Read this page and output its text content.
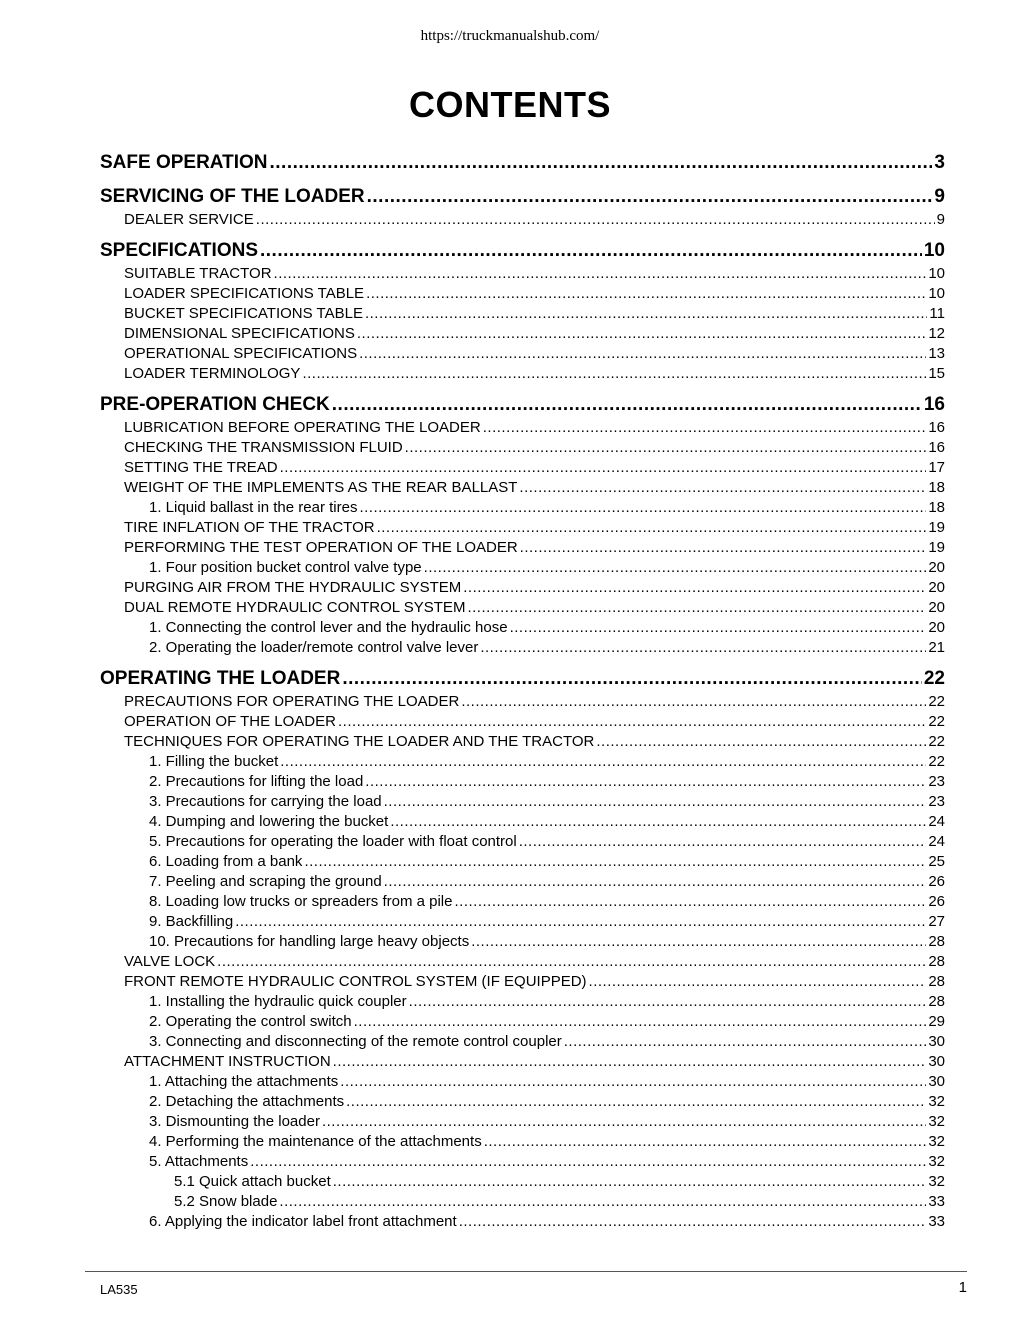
https://truckmanualshub.com/
CONTENTS
SAFE OPERATION .....	3
SERVICING OF THE LOADER .....	9
DEALER SERVICE .....	9
SPECIFICATIONS .....	10
SUITABLE TRACTOR .....	10
LOADER SPECIFICATIONS TABLE .....	10
BUCKET SPECIFICATIONS TABLE .....	11
DIMENSIONAL SPECIFICATIONS .....	12
OPERATIONAL SPECIFICATIONS .....	13
LOADER TERMINOLOGY .....	15
PRE-OPERATION CHECK .....	16
LUBRICATION BEFORE OPERATING THE LOADER .....	16
CHECKING THE TRANSMISSION FLUID .....	16
SETTING THE TREAD .....	17
WEIGHT OF THE IMPLEMENTS AS THE REAR BALLAST .....	18
1. Liquid ballast in the rear tires .....	18
TIRE INFLATION OF THE TRACTOR .....	19
PERFORMING THE TEST OPERATION OF THE LOADER .....	19
1. Four position bucket control valve type .....	20
PURGING AIR FROM THE HYDRAULIC SYSTEM .....	20
DUAL REMOTE HYDRAULIC CONTROL SYSTEM .....	20
1. Connecting the control lever and the hydraulic hose .....	20
2. Operating the loader/remote control valve lever .....	21
OPERATING THE LOADER .....	22
PRECAUTIONS FOR OPERATING THE LOADER .....	22
OPERATION OF THE LOADER .....	22
TECHNIQUES FOR OPERATING THE LOADER AND THE TRACTOR .....	22
1. Filling the bucket .....	22
2. Precautions for lifting the load .....	23
3. Precautions for carrying the load .....	23
4. Dumping and lowering the bucket .....	24
5. Precautions for operating the loader with float control .....	24
6. Loading from a bank .....	25
7. Peeling and scraping the ground .....	26
8. Loading low trucks or spreaders from a pile .....	26
9. Backfilling .....	27
10. Precautions for handling large heavy objects .....	28
VALVE LOCK .....	28
FRONT REMOTE HYDRAULIC CONTROL SYSTEM (IF EQUIPPED) .....	28
1. Installing the hydraulic quick coupler .....	28
2. Operating the control switch .....	29
3. Connecting and disconnecting of the remote control coupler .....	30
ATTACHMENT INSTRUCTION .....	30
1. Attaching the attachments .....	30
2. Detaching the attachments .....	32
3. Dismounting the loader .....	32
4. Performing the maintenance of the attachments .....	32
5. Attachments .....	32
5.1 Quick attach bucket .....	32
5.2 Snow blade .....	33
6. Applying the indicator label front attachment .....	33
LA535	1
